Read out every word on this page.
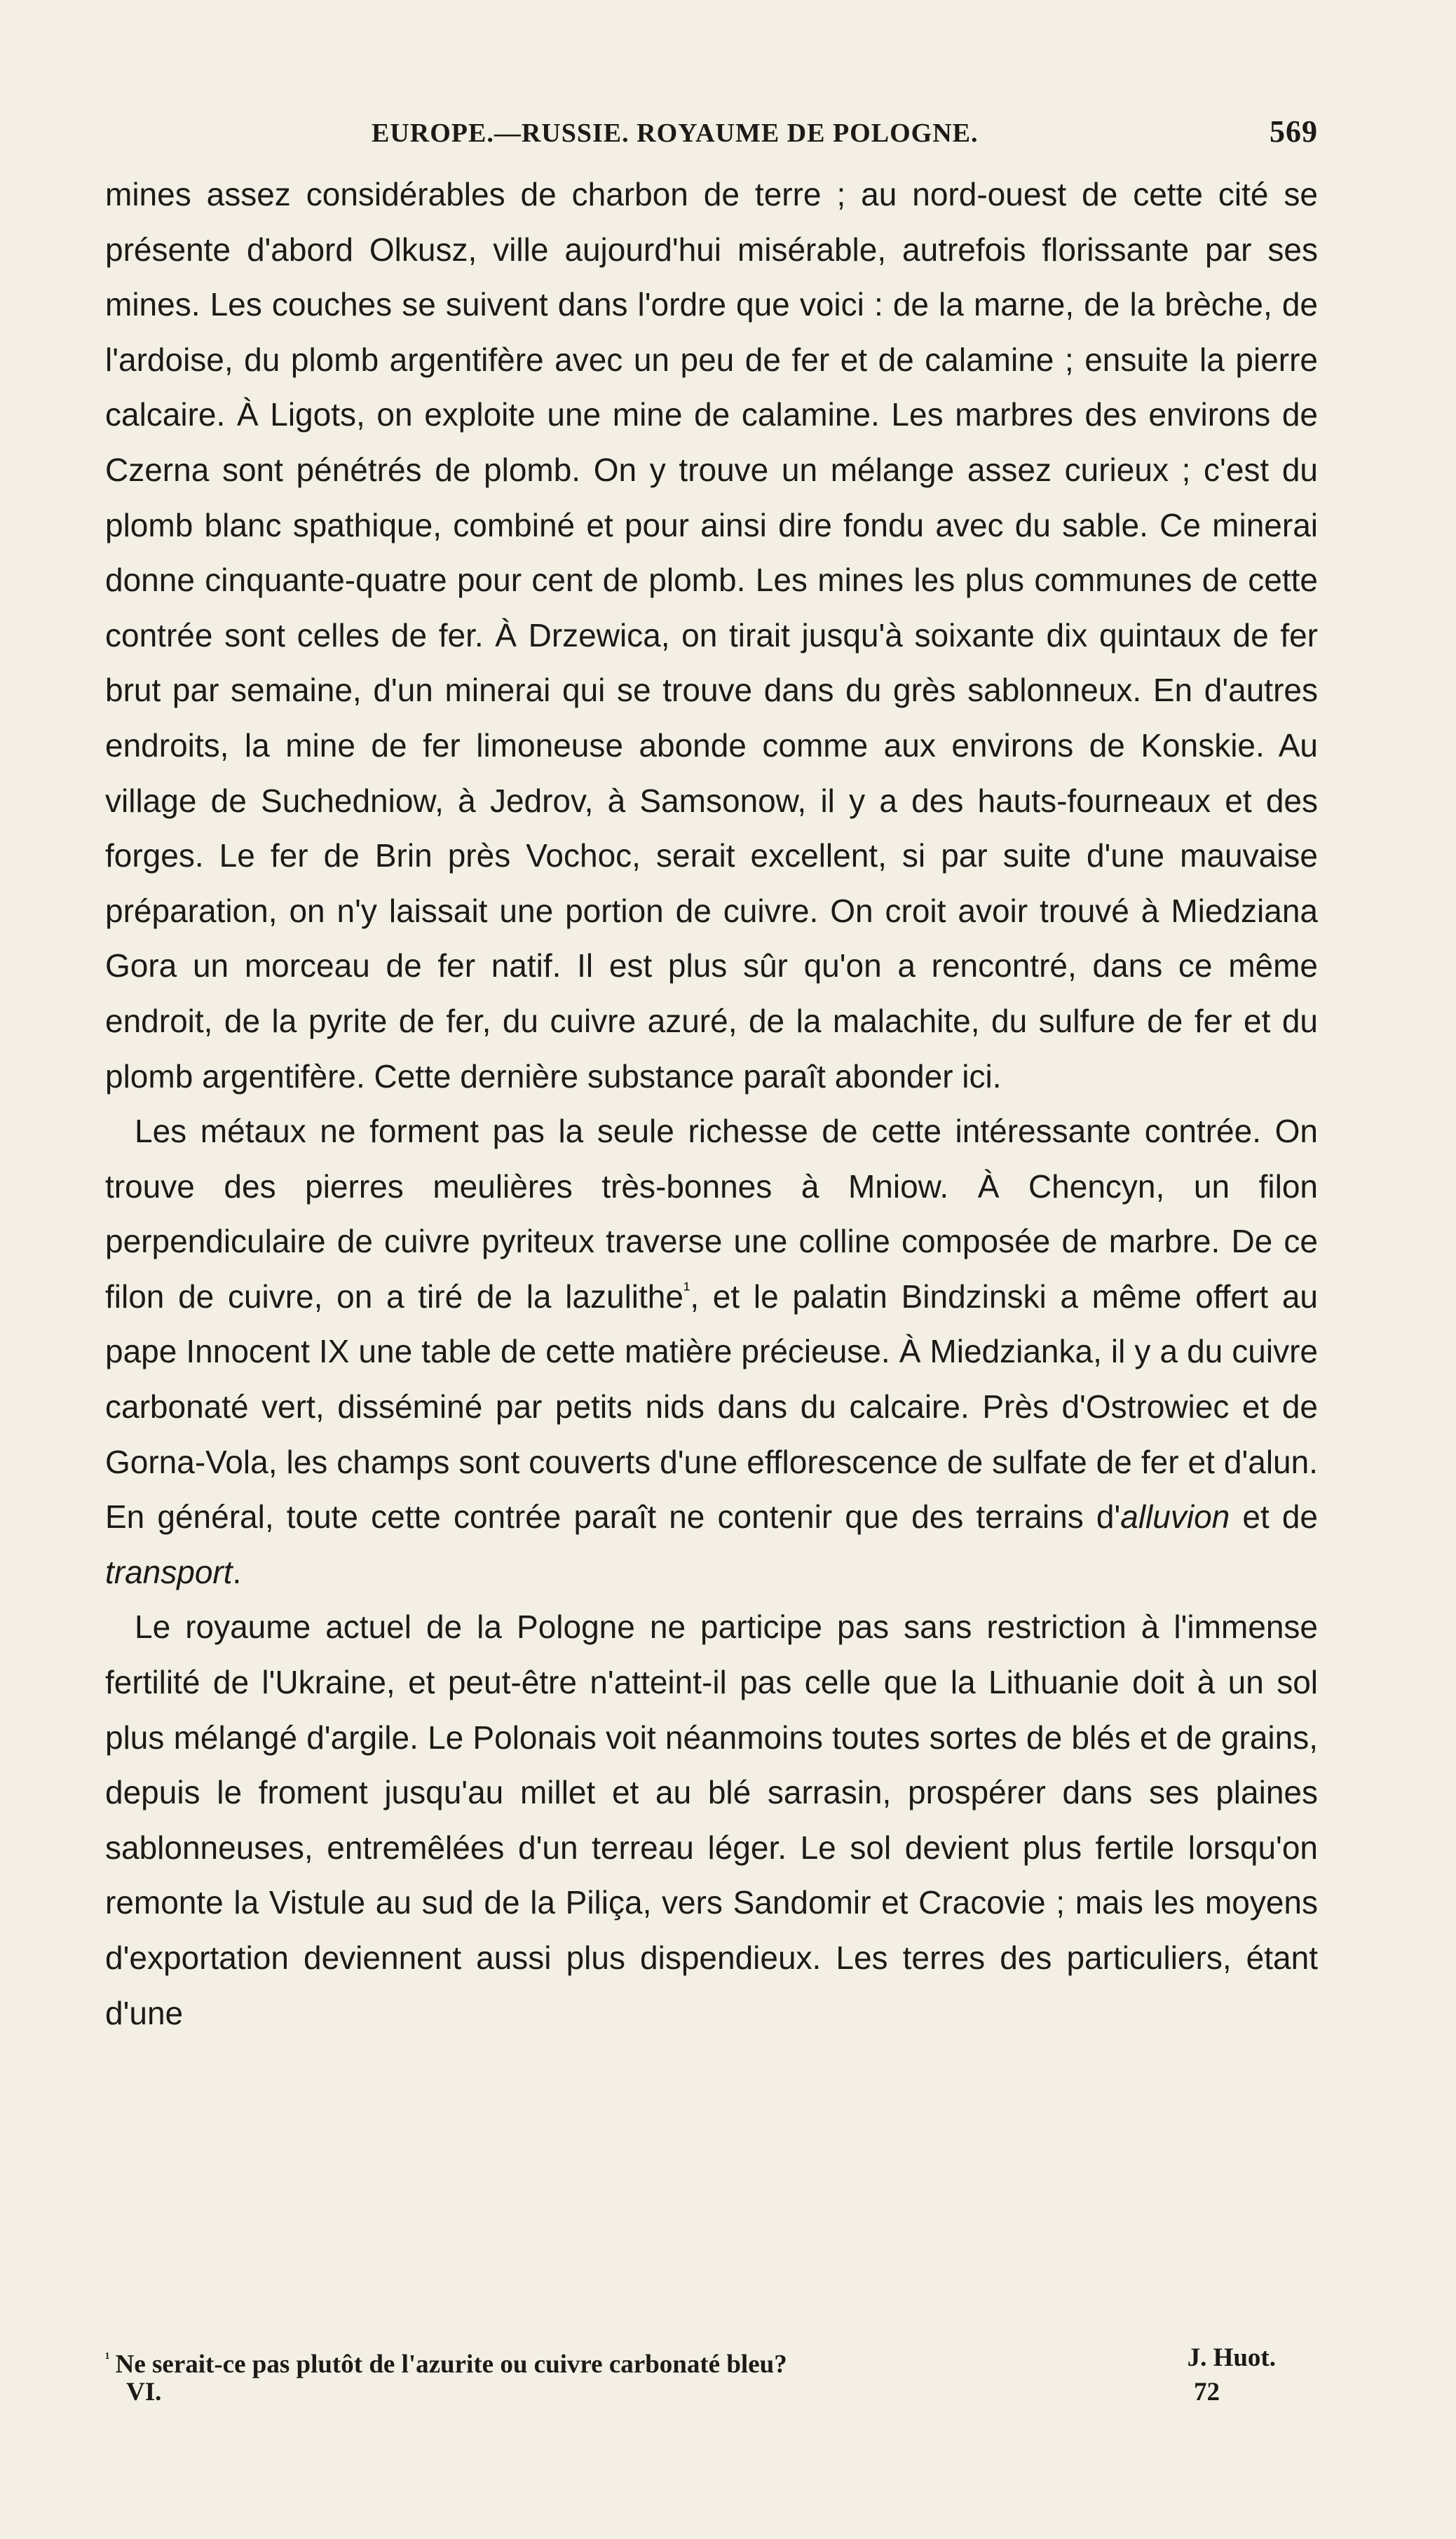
EUROPE.—RUSSIE. ROYAUME DE POLOGNE.	569

mines assez considérables de charbon de terre ; au nord-ouest de cette cité se présente d'abord Olkusz, ville aujourd'hui misérable, autrefois florissante par ses mines. Les couches se suivent dans l'ordre que voici : de la marne, de la brèche, de l'ardoise, du plomb argentifère avec un peu de fer et de calamine ; ensuite la pierre calcaire. À Ligots, on exploite une mine de calamine. Les marbres des environs de Czerna sont pénétrés de plomb. On y trouve un mélange assez curieux ; c'est du plomb blanc spathique, combiné et pour ainsi dire fondu avec du sable. Ce minerai donne cinquante-quatre pour cent de plomb. Les mines les plus communes de cette contrée sont celles de fer. À Drzewica, on tirait jusqu'à soixante dix quintaux de fer brut par semaine, d'un minerai qui se trouve dans du grès sablonneux. En d'autres endroits, la mine de fer limoneuse abonde comme aux environs de Konskie. Au village de Suchedniow, à Jedrov, à Samsonow, il y a des hauts-fourneaux et des forges. Le fer de Brin près Vochoc, serait excellent, si par suite d'une mauvaise préparation, on n'y laissait une portion de cuivre. On croit avoir trouvé à Miedziana Gora un morceau de fer natif. Il est plus sûr qu'on a rencontré, dans ce même endroit, de la pyrite de fer, du cuivre azuré, de la malachite, du sulfure de fer et du plomb argentifère. Cette dernière substance paraît abonder ici.

Les métaux ne forment pas la seule richesse de cette intéressante contrée. On trouve des pierres meulières très-bonnes à Mniow. À Chencyn, un filon perpendiculaire de cuivre pyriteux traverse une colline composée de marbre. De ce filon de cuivre, on a tiré de la lazulithe$^{^1}$, et le palatin Bindzinski a même offert au pape Innocent IX une table de cette matière précieuse. À Miedzianka, il y a du cuivre carbonaté vert, disséminé par petits nids dans du calcaire. Près d'Ostrowiec et de Gorna-Vola, les champs sont couverts d'une efflorescence de sulfate de fer et d'alun. En général, toute cette contrée paraît ne contenir que des terrains d'alluvion et de transport.

Le royaume actuel de la Pologne ne participe pas sans restriction à l'immense fertilité de l'Ukraine, et peut-être n'atteint-il pas celle que la Lithuanie doit à un sol plus mélangé d'argile. Le Polonais voit néanmoins toutes sortes de blés et de grains, depuis le froment jusqu'au millet et au blé sarrasin, prospérer dans ses plaines sablonneuses, entremêlées d'un terreau léger. Le sol devient plus fertile lorsqu'on remonte la Vistule au sud de la Piliça, vers Sandomir et Cracovie ; mais les moyens d'exportation deviennent aussi plus dispendieux. Les terres des particuliers, étant d'une

$^{^1}$ Ne serait-ce pas plutôt de l'azurite ou cuivre carbonaté bleu?	J. Huot.
VI.	72
